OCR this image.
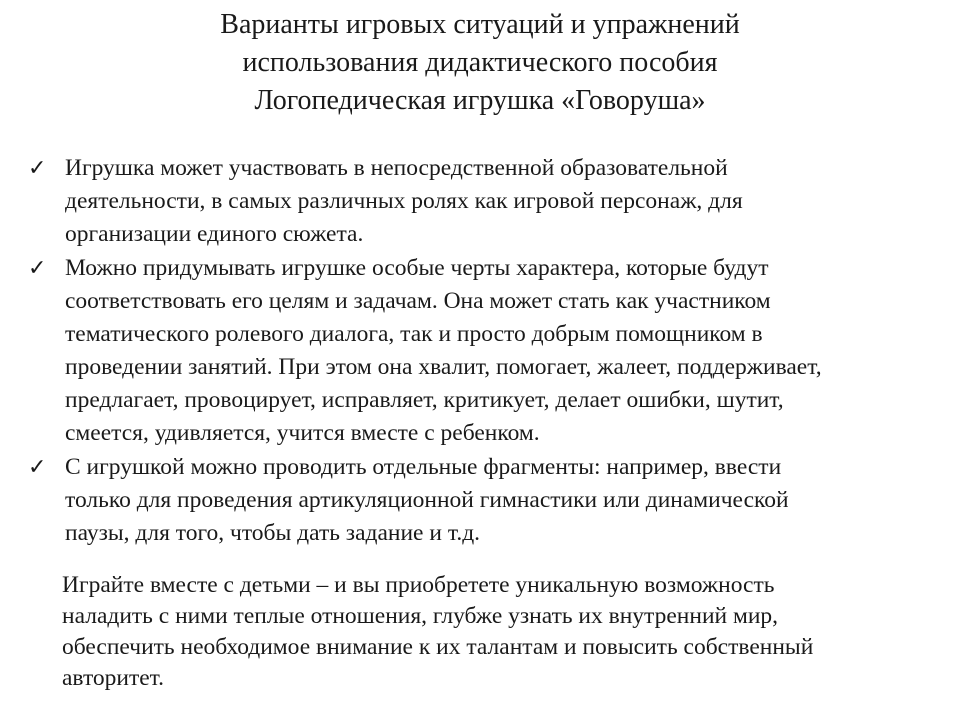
Варианты игровых ситуаций и упражнений
использования дидактического пособия
Логопедическая игрушка «Говоруша»
✓ Игрушка может участвовать в непосредственной образовательной
деятельности, в самых различных ролях как игровой персонаж, для
организации единого сюжета.
✓ Можно придумывать игрушке особые черты характера, которые будут
соответствовать его целям и задачам. Она может стать как участником
тематического ролевого диалога, так и просто добрым помощником в
проведении занятий. При этом она хвалит, помогает, жалеет, поддерживает,
предлагает, провоцирует, исправляет, критикует, делает ошибки, шутит,
смеется, удивляется, учится вместе с ребенком.
✓ С игрушкой можно проводить отдельные фрагменты: например, ввести
только для проведения артикуляционной гимнастики или динамической
паузы, для того, чтобы дать задание и т.д.
Играйте вместе с детьми – и вы приобретете уникальную возможность
наладить с ними теплые отношения, глубже узнать их внутренний мир,
обеспечить необходимое внимание к их талантам и повысить собственный
авторитет.
